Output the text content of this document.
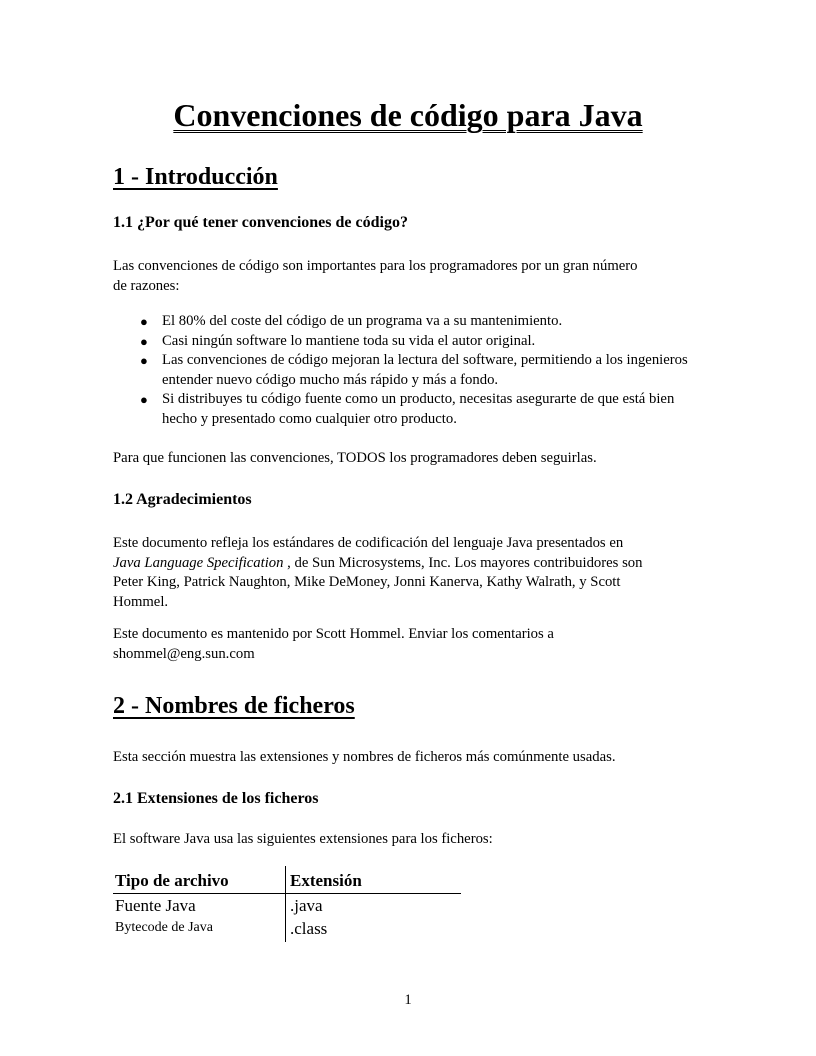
Convenciones de código para Java
1 - Introducción
1.1 ¿Por qué tener convenciones de código?

Las convenciones de código son importantes para los programadores por un gran número
de razones:

● El 80% del coste del código de un programa va a su mantenimiento.
● Casi ningún software lo mantiene toda su vida el autor original.
● Las convenciones de código mejoran la lectura del software, permitiendo a los ingenieros entender nuevo código mucho más rápido y más a fondo.
● Si distribuyes tu código fuente como un producto, necesitas asegurarte de que está bien hecho y presentado como cualquier otro producto.

Para que funcionen las convenciones, TODOS los programadores deben seguirlas.

1.2 Agradecimientos

Este documento refleja los estándares de codificación del lenguaje Java presentados en
Java Language Specification , de Sun Microsystems, Inc. Los mayores contribuidores son
Peter King, Patrick Naughton, Mike DeMoney, Jonni Kanerva, Kathy Walrath, y Scott
Hommel.

Este documento es mantenido por Scott Hommel. Enviar los comentarios a
shommel@eng.sun.com

2 - Nombres de ficheros

Esta sección muestra las extensiones y nombres de ficheros más comúnmente usadas.

2.1 Extensiones de los ficheros

El software Java usa las siguientes extensiones para los ficheros:

Tipo de archivo	Extensión
Fuente Java	.java
Bytecode de Java	.class
1
